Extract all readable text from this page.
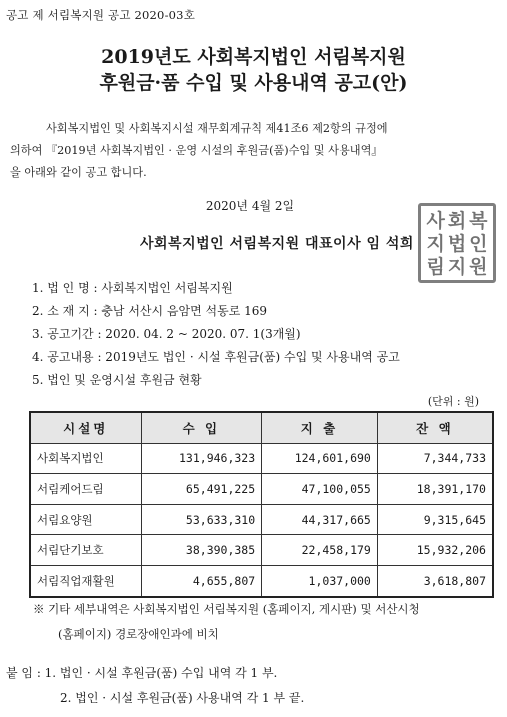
공고 제 서림복지원 공고 2020-03호
2019년도 사회복지법인 서림복지원
후원금·품 수입 및 사용내역 공고(안)
사회복지법인 및 사회복지시설 재무회계규칙 제41조6 제2항의 규정에
의하여 『2019년 사회복지법인 · 운영 시설의 후원금(품)수입 및 사용내역』
을 아래와 같이 공고 합니다.
2020년 4월 2일
사 회 복
지 법 인
림 지 원
사회복지법인 서림복지원 대표이사 임 석희
1. 법 인 명 : 사회복지법인 서림복지원
2. 소 재 지 : 충남 서산시 음암면 석동로 169
3. 공고기간 : 2020. 04. 2 ~ 2020. 07. 1(3개월)
4. 공고내용 : 2019년도 법인 · 시설 후원금(품) 수입 및 사용내역 공고
5. 법인 및 운영시설 후원금 현황
(단위 : 원)
시설명	수 입	지 출	잔 액
사회복지법인	131,946,323	124,601,690	7,344,733
서림케어드림	65,491,225	47,100,055	18,391,170
서림요양원	53,633,310	44,317,665	9,315,645
서림단기보호	38,390,385	22,458,179	15,932,206
서림직업재활원	4,655,807	1,037,000	3,618,807
※ 기타 세부내역은 사회복지법인 서림복지원 (홈페이지, 게시판) 및 서산시청
(홈페이지) 경로장애인과에 비치
붙 임 : 1. 법인 · 시설 후원금(품) 수입 내역 각 1 부.
2. 법인 · 시설 후원금(품) 사용내역 각 1 부 끝.
